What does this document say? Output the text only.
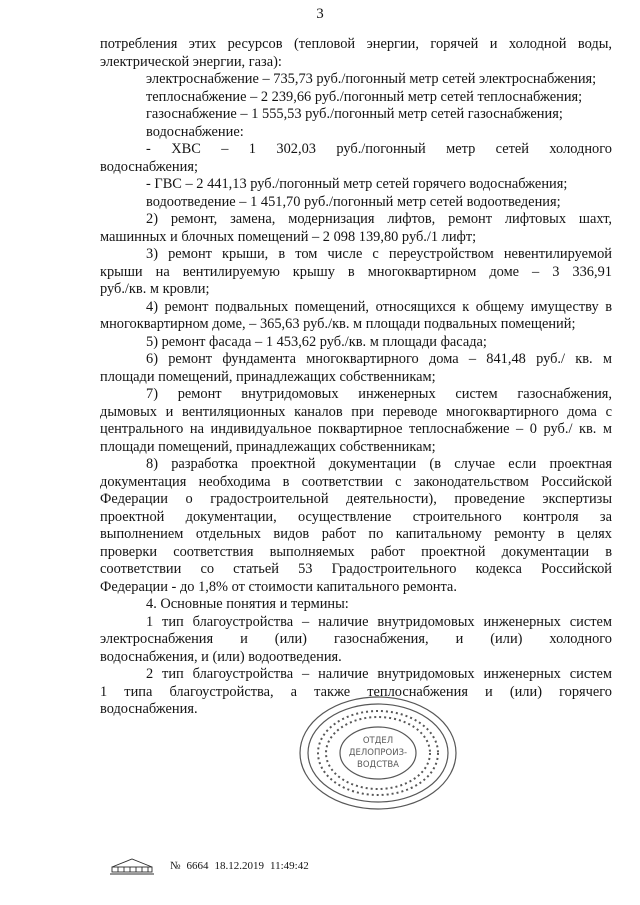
3

потребления этих ресурсов (тепловой энергии, горячей и холодной воды,
электрической энергии, газа):

электроснабжение – 735,73 руб./погонный метр сетей электроснабжения;

теплоснабжение – 2 239,66 руб./погонный метр сетей теплоснабжения;

газоснабжение – 1 555,53 руб./погонный метр сетей газоснабжения;

водоснабжение:

- ХВС – 1 302,03 руб./погонный метр сетей холодного
водоснабжения;

- ГВС – 2 441,13 руб./погонный метр сетей горячего водоснабжения;

водоотведение – 1 451,70 руб./погонный метр сетей водоотведения;

2) ремонт, замена, модернизация лифтов, ремонт лифтовых шахт,
машинных и блочных помещений – 2 098 139,80 руб./1 лифт;

3) ремонт крыши, в том числе с переустройством невентилируемой
крыши на вентилируемую крышу в многоквартирном доме – 3 336,91
руб./кв. м кровли;

4) ремонт подвальных помещений, относящихся к общему имуществу в
многоквартирном доме, – 365,63 руб./кв. м площади подвальных помещений;

5) ремонт фасада – 1 453,62 руб./кв. м площади фасада;

6) ремонт фундамента многоквартирного дома – 841,48 руб./ кв. м
площади помещений, принадлежащих собственникам;

7) ремонт внутридомовых инженерных систем газоснабжения,
дымовых и вентиляционных каналов при переводе многоквартирного дома с
центрального на индивидуальное поквартирное теплоснабжение – 0 руб./ кв. м
площади помещений, принадлежащих собственникам;

8) разработка проектной документации (в случае если проектная
документация необходима в соответствии с законодательством Российской
Федерации о градостроительной деятельности), проведение экспертизы
проектной документации, осуществление строительного контроля за
выполнением отдельных видов работ по капитальному ремонту в целях
проверки соответствия выполняемых работ проектной документации в
соответствии со статьей 53 Градостроительного кодекса Российской
Федерации - до 1,8% от стоимости капитального ремонта.

4. Основные понятия и термины:

1 тип благоустройства – наличие внутридомовых инженерных систем
электроснабжения и (или) газоснабжения, и (или) холодного
водоснабжения, и (или) водоотведения.

2 тип благоустройства – наличие внутридомовых инженерных систем
1 типа благоустройства, а также теплоснабжения и (или) горячего
водоснабжения.

ОТДЕЛ
ДЕЛОПРОИЗ-
ВОДСТВА
№ 6664 18.12.2019 11:49:42
